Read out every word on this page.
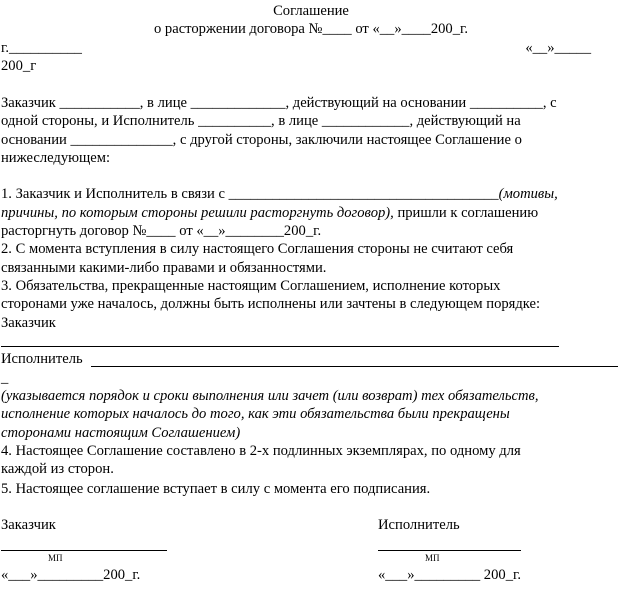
Соглашение
о расторжении договора №____ от «__»____200_г.
г.__________	«__»_____
200_г
Заказчик ___________, в лице _____________, действующий на основании __________, с
одной стороны, и Исполнитель __________, в лице ____________, действующий на
основании ______________, с другой стороны, заключили настоящее Соглашение о
нижеследующем:
1. Заказчик и Исполнитель в связи с _____________________________________(мотивы,
причины, по которым стороны решили расторгнуть договор), пришли к соглашению
расторгнуть договор №____ от «__»________200_г.
2. С момента вступления в силу настоящего Соглашения стороны не считают себя
связанными какими-либо правами и обязанностями.
3. Обязательства, прекращенные настоящим Соглашением, исполнение которых
сторонами уже началось, должны быть исполнены или зачтены в следующем порядке:
Заказчик
Исполнитель
_
(указывается порядок и сроки выполнения или зачет (или возврат) тех обязательств,
исполнение которых началось до того, как эти обязательства были прекращены
сторонами настоящим Соглашением)
4. Настоящее Соглашение составлено в 2-х подлинных экземплярах, по одному для
каждой из сторон.
5. Настоящее соглашение вступает в силу с момента его подписания.
Заказчик	Исполнитель
МП	МП
«___»_________200_г.	«___»_________ 200_г.
